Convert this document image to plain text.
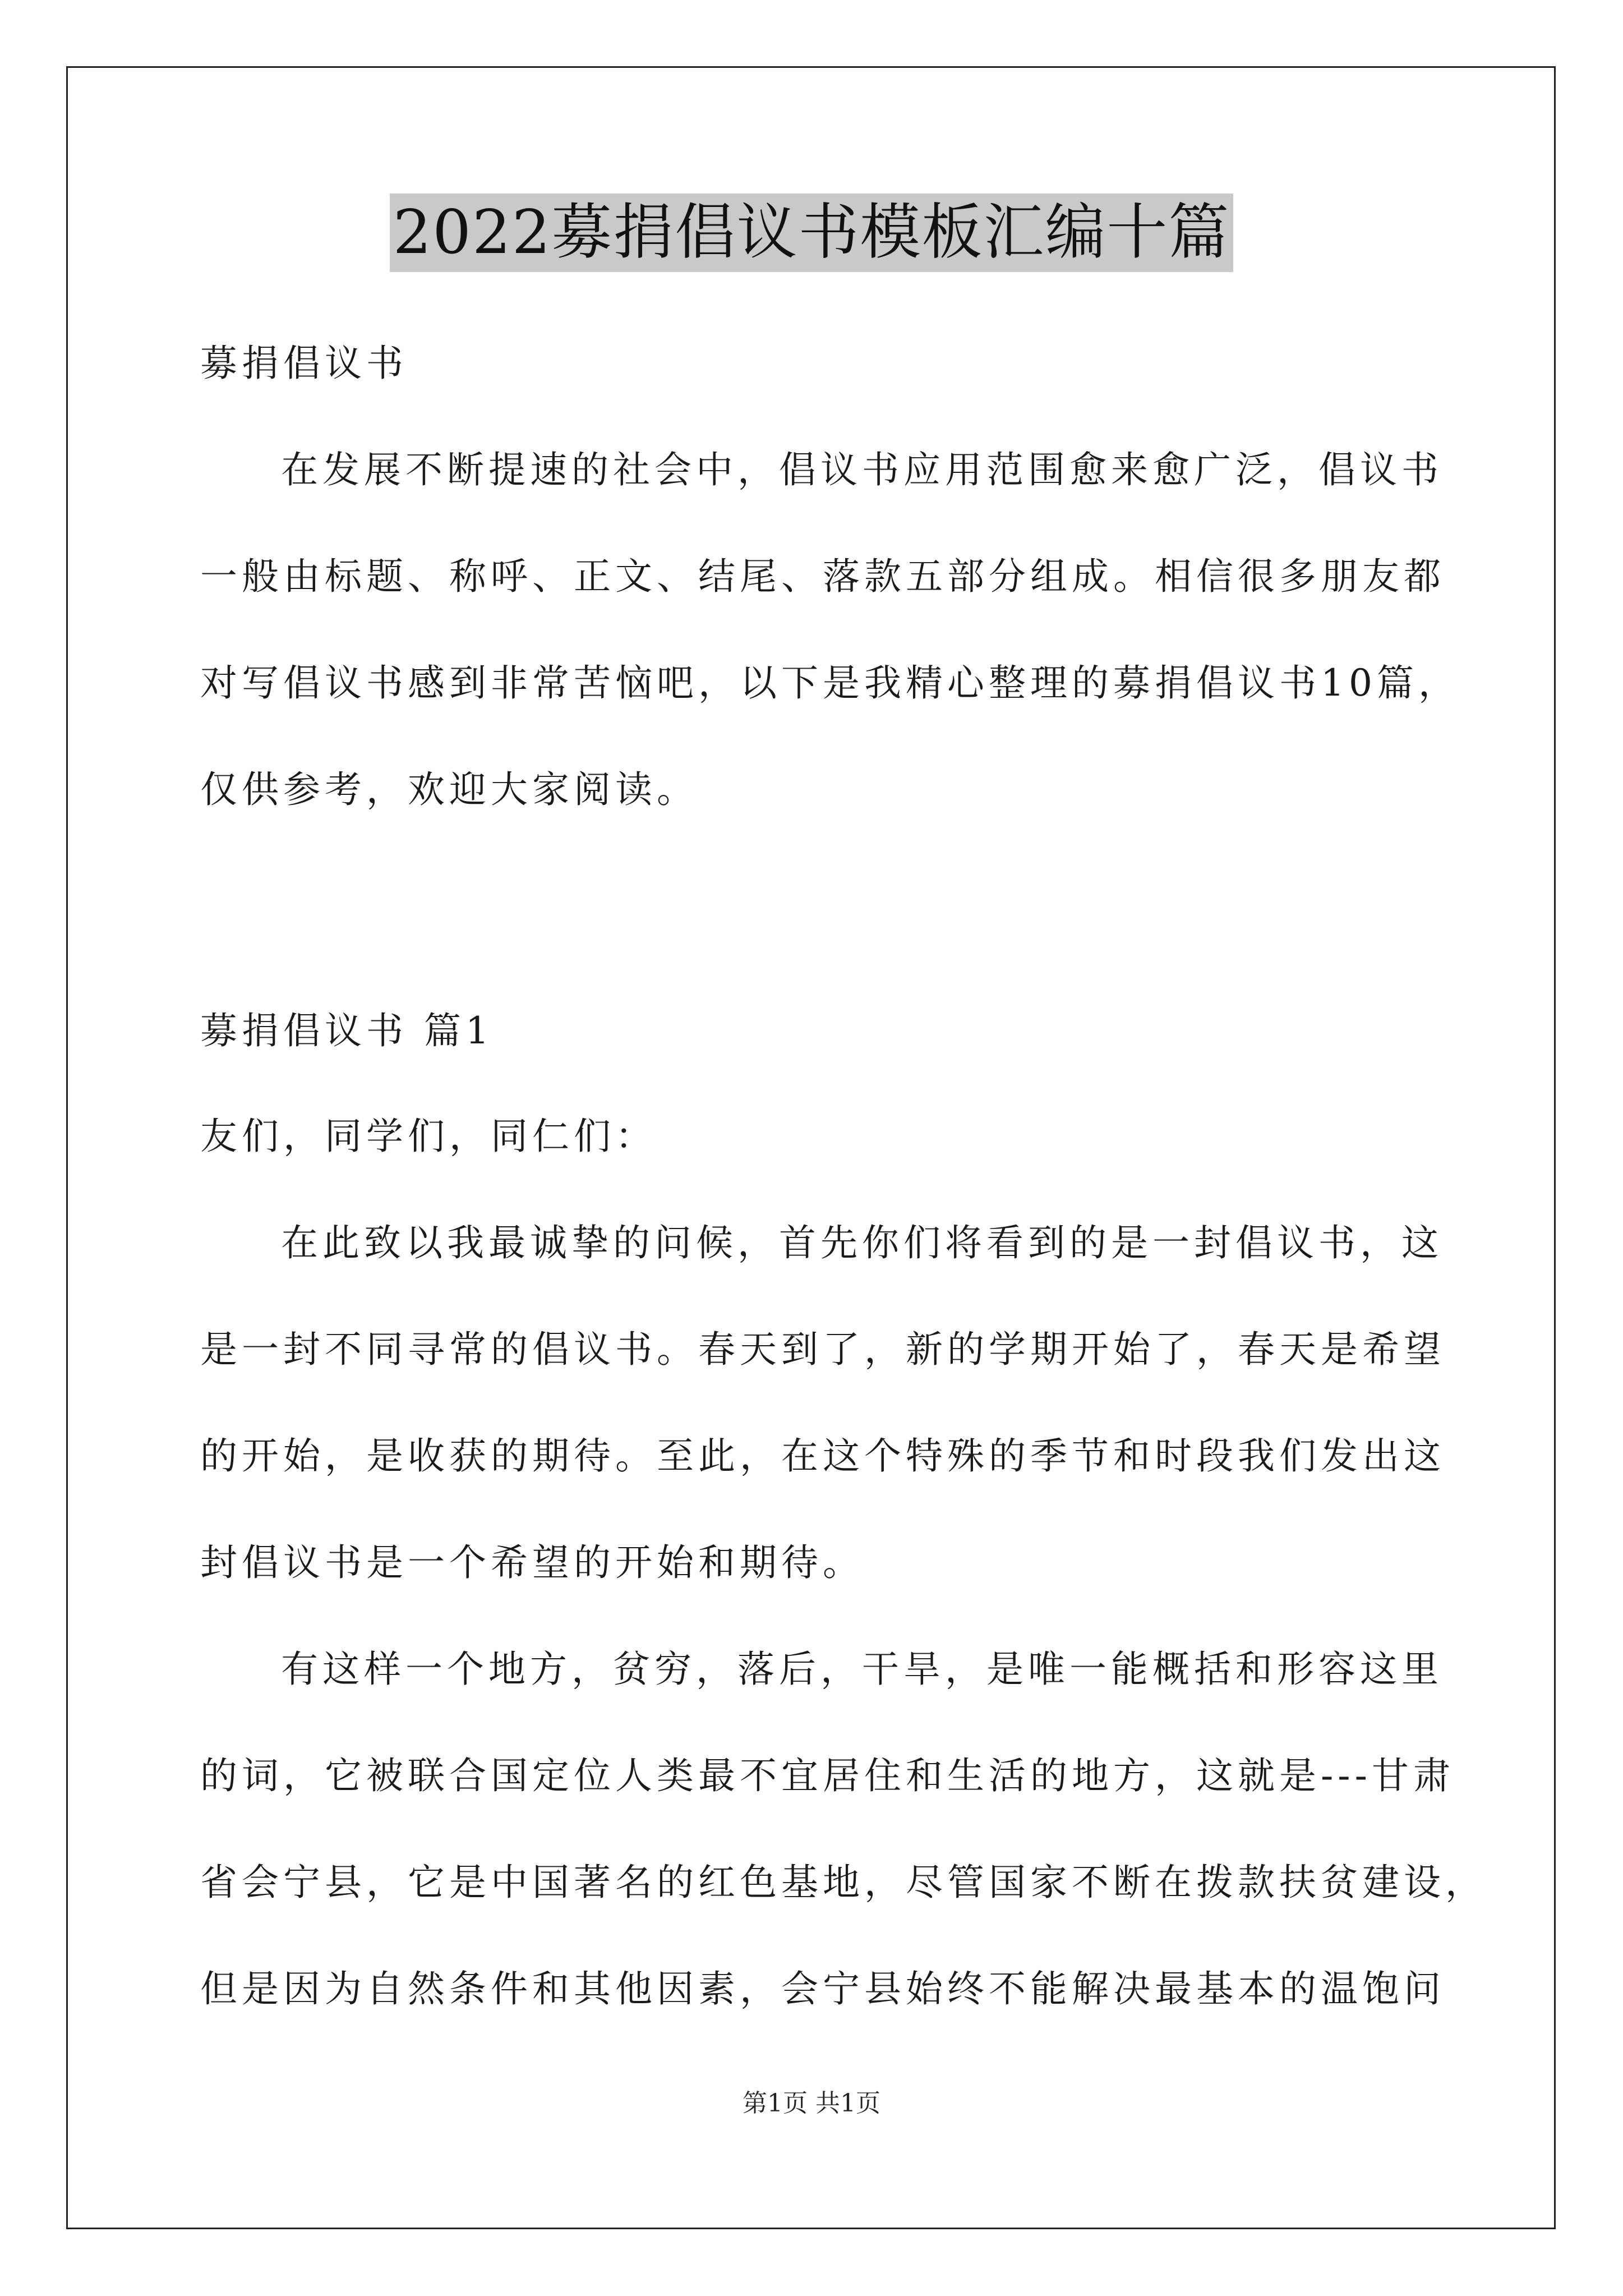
2022募捐倡议书模板汇编十篇

募捐倡议书

在发展不断提速的社会中，倡议书应用范围愈来愈广泛，倡议书

一般由标题、称呼、正文、结尾、落款五部分组成。相信很多朋友都

对写倡议书感到非常苦恼吧，以下是我精心整理的募捐倡议书10篇，

仅供参考，欢迎大家阅读。

募捐倡议书 篇1

友们，同学们，同仁们：

在此致以我最诚挚的问候，首先你们将看到的是一封倡议书，这

是一封不同寻常的倡议书。春天到了，新的学期开始了，春天是希望

的开始，是收获的期待。至此，在这个特殊的季节和时段我们发出这

封倡议书是一个希望的开始和期待。

有这样一个地方，贫穷，落后，干旱，是唯一能概括和形容这里

的词，它被联合国定位人类最不宜居住和生活的地方，这就是---甘肃

省会宁县，它是中国著名的红色基地，尽管国家不断在拨款扶贫建设，

但是因为自然条件和其他因素，会宁县始终不能解决最基本的温饱问

第1页 共1页
